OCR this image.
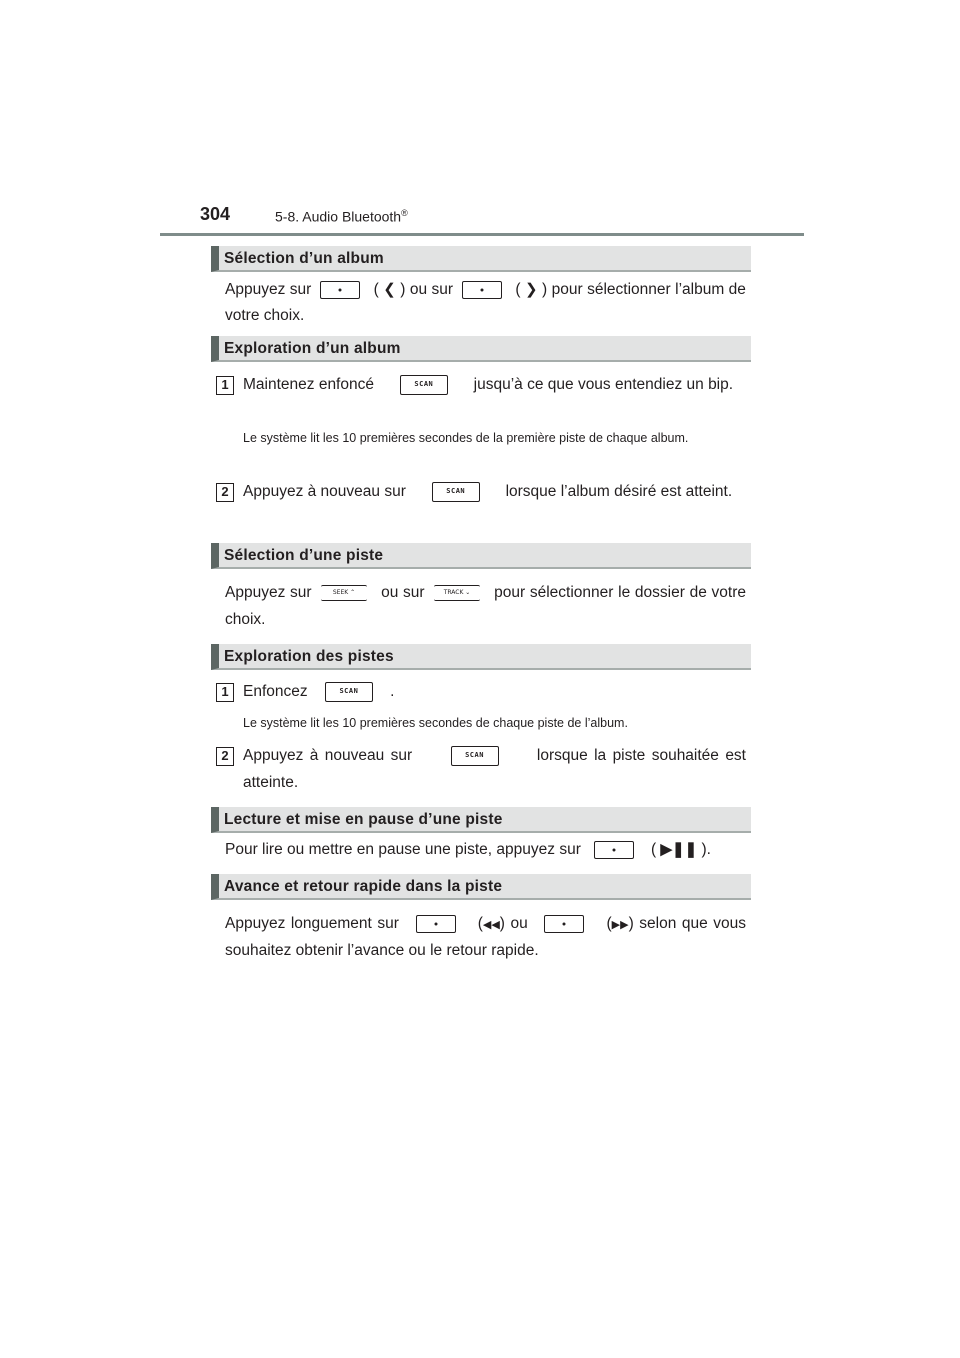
304	5-8. Audio Bluetooth®
Sélection d’un album
Appuyez sur	( ❮ ) ou sur	( ❯ ) pour sélectionner l’album de votre choix.
Exploration d’un album
1 Maintenez enfoncé	SCAN	jusqu’à ce que vous entendiez un bip.
Le système lit les 10 premières secondes de la première piste de chaque album.
2 Appuyez à nouveau sur	SCAN	lorsque l’album désiré est atteint.
Sélection d’une piste
Appuyez sur	SEEK ⌃ ou sur	TRACK ⌄ pour sélectionner le dossier de votre choix.
Exploration des pistes
1 Enfoncez	SCAN .
Le système lit les 10 premières secondes de chaque piste de l’album.
2 Appuyez à nouveau sur	SCAN	lorsque la piste souhaitée est atteinte.
Lecture et mise en pause d’une piste
Pour lire ou mettre en pause une piste, appuyez sur	( ▶❚❚ ).
Avance et retour rapide dans la piste
Appuyez longuement sur	(◀◀) ou	(▶▶) selon que vous souhaitez obtenir l’avance ou le retour rapide.
